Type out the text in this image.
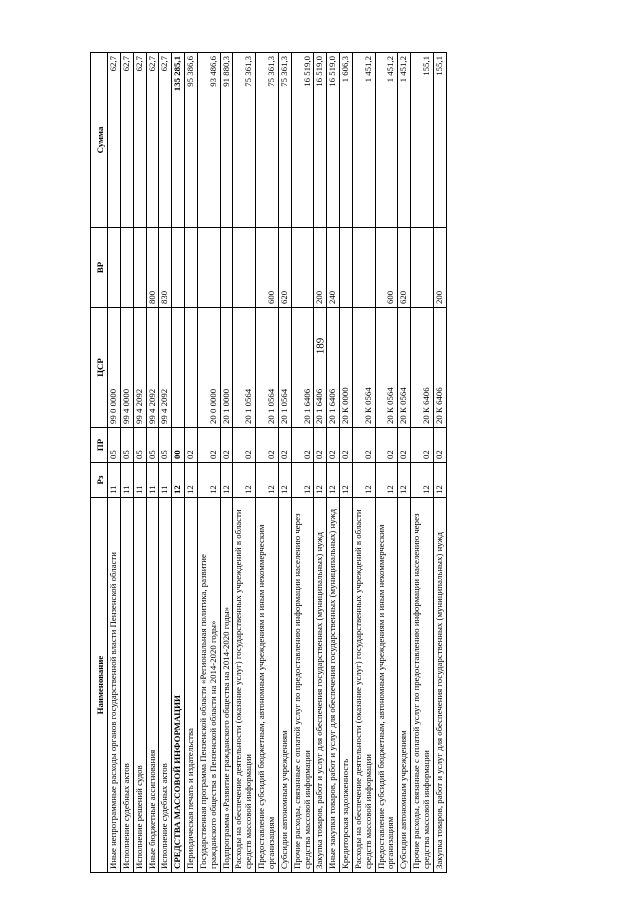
189
Наименование	Рз	ПР	ЦСР	ВР	Сумма
Иные непрограммные расходы органов государственной власти Пензенской области	11	05	99 0 0000		62,7
Исполнение судебных актов	11	05	99 4 0000		62,7
Исполнение решений судов	11	05	99 4 2092		62,7
Иные бюджетные ассигнования	11	05	99 4 2092	800	62,7
Исполнение судебных актов	11	05	99 4 2092	830	62,7
СРЕДСТВА МАССОВОЙ ИНФОРМАЦИИ	12	00			135 285,1
Периодическая печать и издательства	12	02			95 386,6
Государственная программа Пензенской области «Региональная политика, развитие гражданского общества в Пензенской области на 2014-2020 годы»	12	02	20 0 0000		93 486,6
Подпрограмма «Развитие гражданского общества на 2014-2020 годы»	12	02	20 1 0000		91 880,3
Расходы на обеспечение деятельности (оказание услуг) государственных учреждений в области средств массовой информации	12	02	20 1 0564		75 361,3
Предоставление субсидий бюджетным, автономным учреждениям и иным некоммерческим организациям	12	02	20 1 0564	600	75 361,3
Субсидии автономным учреждениям	12	02	20 1 0564	620	75 361,3
Прочие расходы, связанные с оплатой услуг по предоставлению информации населению через средства массовой информации	12	02	20 1 6406		16 519,0
Закупка товаров, работ и услуг для обеспечения государственных (муниципальных) нужд	12	02	20 1 6406	200	16 519,0
Иные закупки товаров, работ и услуг для обеспечения государственных (муниципальных) нужд	12	02	20 1 6406	240	16 519,0
Кредиторская задолженность	12	02	20 К 0000		1 606,3
Расходы на обеспечение деятельности (оказание услуг) государственных учреждений в области средств массовой информации	12	02	20 К 0564		1 451,2
Предоставление субсидий бюджетным, автономным учреждениям и иным некоммерческим организациям	12	02	20 К 0564	600	1 451,2
Субсидии автономным учреждениям	12	02	20 К 0564	620	1 451,2
Прочие расходы, связанные с оплатой услуг по предоставлению информации населению через средства массовой информации	12	02	20 К 6406		155,1
Закупка товаров, работ и услуг для обеспечения государственных (муниципальных) нужд	12	02	20 К 6406	200	155,1
